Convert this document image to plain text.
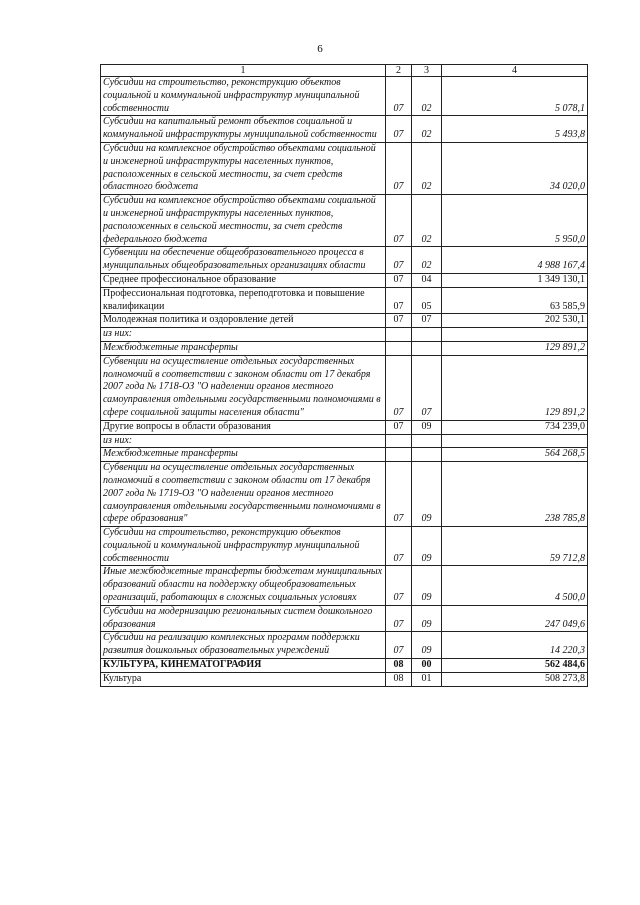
6
1	2	3	4
Субсидии на строительство, реконструкцию объектов социальной и коммунальной инфраструктур муниципальной собственности	07	02	5 078,1
Субсидии на капитальный ремонт объектов социальной и коммунальной инфраструктуры муниципальной собственности	07	02	5 493,8
Субсидии на комплексное обустройство объектами социальной и инженерной инфраструктуры населенных пунктов, расположенных в сельской местности, за счет средств областного бюджета	07	02	34 020,0
Субсидии на комплексное обустройство объектами социальной и инженерной инфраструктуры населенных пунктов, расположенных в сельской местности, за счет средств федерального бюджета	07	02	5 950,0
Субвенции на обеспечение общеобразовательного процесса в муниципальных общеобразовательных организациях области	07	02	4 988 167,4
Среднее профессиональное образование	07	04	1 349 130,1
Профессиональная подготовка, переподготовка и повышение квалификации	07	05	63 585,9
Молодежная политика и оздоровление детей	07	07	202 530,1
из них:			
Межбюджетные трансферты			129 891,2
Субвенции на осуществление отдельных государственных полномочий в соответствии с законом области от 17 декабря 2007 года № 1718-ОЗ "О наделении органов местного самоуправления отдельными государственными полномочиями в сфере социальной защиты населения области"	07	07	129 891,2
Другие вопросы в области образования	07	09	734 239,0
из них:			
Межбюджетные трансферты			564 268,5
Субвенции на осуществление отдельных государственных полномочий в соответствии с законом области от 17 декабря 2007 года № 1719-ОЗ "О наделении органов местного самоуправления отдельными государственными полномочиями в сфере образования"	07	09	238 785,8
Субсидии на строительство, реконструкцию объектов социальной и коммунальной инфраструктур муниципальной собственности	07	09	59 712,8
Иные межбюджетные трансферты бюджетам муниципальных образований области на поддержку общеобразовательных организаций, работающих в сложных социальных условиях	07	09	4 500,0
Субсидии на модернизацию региональных систем дошкольного образования	07	09	247 049,6
Субсидии на реализацию комплексных программ поддержки развития дошкольных образовательных учреждений	07	09	14 220,3
КУЛЬТУРА, КИНЕМАТОГРАФИЯ	08	00	562 484,6
Культура	08	01	508 273,8
